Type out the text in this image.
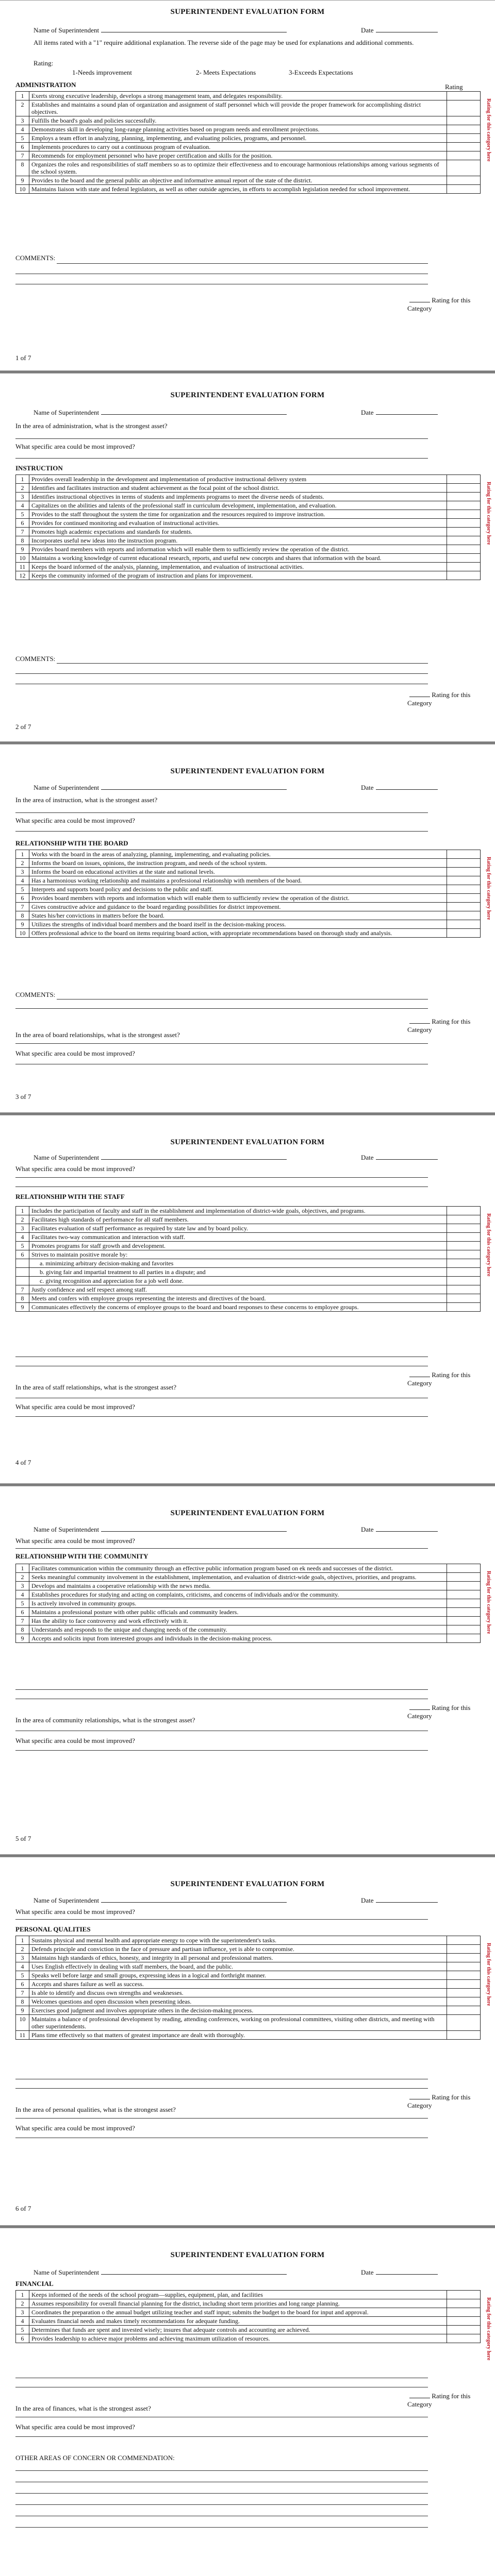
SUPERINTENDENT EVALUATION FORM
Name of Superintendent	Date
All items rated with a "1" require additional explanation. The reverse side of the page may be used for explanations and additional comments.
Rating:
1-Needs improvement	2- Meets Expectations	3-Exceeds Expectations
ADMINISTRATION	Rating
1	Exerts strong executive leadership, develops a strong management team, and delegates responsibility.	
2	Establishes and maintains a sound plan of organization and assignment of staff personnel which will provide the proper framework for accomplishing district objectives.	
3	Fulfills the board's goals and policies successfully.	
4	Demonstrates skill in developing long-range planning activities based on program needs and enrollment projections.	
5	Employs a team effort in analyzing, planning, implementing, and evaluating policies, programs, and personnel.	
6	Implements procedures to carry out a continuous program of evaluation.	
7	Recommends for employment personnel who have proper certification and skills for the position.	
8	Organizes the roles and responsibilities of staff members so as to optimize their effectiveness and to encourage harmonious relationships among various segments of the school system.	
9	Provides to the board and the general public an objective and informative annual report of the state of the district.	
10	Maintains liaison with state and federal legislators, as well as other outside agencies, in efforts to accomplish legislation needed for school improvement.	
Rating for this category here
COMMENTS:
Rating for this Category
1 of 7
SUPERINTENDENT EVALUATION FORM
Name of Superintendent	Date
In the area of administration, what is the strongest asset?
What specific area could be most improved?
INSTRUCTION
1	Provides overall leadership in the development and implementation of productive instructional delivery system	
2	Identifies and facilitates instruction and student achievement as the focal point of the school district.	
3	Identifies instructional objectives in terms of students and implements programs to meet the diverse needs of students.	
4	Capitalizes on the abilities and talents of the professional staff in curriculum development, implementation, and evaluation.	
5	Provides to the staff throughout the system the time for organization and the resources required to improve instruction.	
6	Provides for continued monitoring and evaluation of instructional activities.	
7	Promotes high academic expectations and standards for students.	
8	Incorporates useful new ideas into the instruction program.	
9	Provides board members with reports and information which will enable them to sufficiently review the operation of the district.	
10	Maintains a working knowledge of current educational research, reports, and useful new concepts and shares that information with the board.	
11	Keeps the board informed of the analysis, planning, implementation, and evaluation of instructional activities.	
12	Keeps the community informed of the program of instruction and plans for improvement.	
Rating for this category here
COMMENTS:
Rating for this Category
2 of 7
SUPERINTENDENT EVALUATION FORM
Name of Superintendent	Date
In the area of instruction, what is the strongest asset?
What specific area could be most improved?
RELATIONSHIP WITH THE BOARD
1	Works with the board in the areas of analyzing, planning, implementing, and evaluating policies.	
2	Informs the board on issues, opinions, the instruction program, and needs of the school system.	
3	Informs the board on educational activities at the state and national levels.	
4	Has a harmonious working relationship and maintains a professional relationship with members of the board.	
5	Interprets and supports board policy and decisions to the public and staff.	
6	Provides board members with reports and information which will enable them to sufficiently review the operation of the district.	
7	Gives constructive advice and guidance to the board regarding possibilities for district improvement.	
8	States his/her convictions in matters before the board.	
9	Utilizes the strengths of individual board members and the board itself in the decision-making process.	
10	Offers professional advice to the board on items requiring board action, with appropriate recommendations based on thorough study and analysis.	
Rating for this category here
COMMENTS:
Rating for this Category
In the area of board relationships, what is the strongest asset?
What specific area could be most improved?
3 of 7
SUPERINTENDENT EVALUATION FORM
Name of Superintendent	Date
What specific area could be most improved?
RELATIONSHIP WITH THE STAFF
1	Includes the participation of faculty and staff in the establishment and implementation of district-wide goals, objectives, and programs.	
2	Facilitates high standards of performance for all staff members.	
3	Facilitates evaluation of staff performance as required by state law and by board policy.	
4	Facilitates two-way communication and interaction with staff.	
5	Promotes programs for staff growth and development.	
6	Strives to maintain positive morale by:	
	a. minimizing arbitrary decision-making and favorites	
	b. giving fair and impartial treatment to all parties in a dispute; and	
	c. giving recognition and appreciation for a job well done.	
7	Justly confidence and self respect among staff.	
8	Meets and confers with employee groups representing the interests and directives of the board.	
9	Communicates effectively the concerns of employee groups to the board and board responses to these concerns to employee groups.	
Rating for this category here
Rating for this Category
In the area of staff relationships, what is the strongest asset?
What specific area could be most improved?
4 of 7
SUPERINTENDENT EVALUATION FORM
Name of Superintendent	Date
What specific area could be most improved?
RELATIONSHIP WITH THE COMMUNITY
1	Facilitates communication within the community through an effective public information program based on ek needs and successes of the district.	
2	Seeks meaningful community involvement in the establishment, implementation, and evaluation of district-wide goals, objectives, priorities, and programs.	
3	Develops and maintains a cooperative relationship with the news media.	
4	Establishes procedures for studying and acting on complaints, criticisms, and concerns of individuals and/or the community.	
5	Is actively involved in community groups.	
6	Maintains a professional posture with other public officials and community leaders.	
7	Has the ability to face controversy and work effectively with it.	
8	Understands and responds to the unique and changing needs of the community.	
9	Accepts and solicits input from interested groups and individuals in the decision-making process.	
Rating for this category here
Rating for this Category
In the area of community relationships, what is the strongest asset?
What specific area could be most improved?
5 of 7
SUPERINTENDENT EVALUATION FORM
Name of Superintendent	Date
What specific area could be most improved?
PERSONAL QUALITIES
1	Sustains physical and mental health and appropriate energy to cope with the superintendent's tasks.	
2	Defends principle and conviction in the face of pressure and partisan influence, yet is able to compromise.	
3	Maintains high standards of ethics, honesty, and integrity in all personal and professional matters.	
4	Uses English effectively in dealing with staff members, the board, and the public.	
5	Speaks well before large and small groups, expressing ideas in a logical and forthright manner.	
6	Accepts and shares failure as well as success.	
7	Is able to identify and discuss own strengths and weaknesses.	
8	Welcomes questions and open discussion when presenting ideas.	
9	Exercises good judgment and involves appropriate others in the decision-making process.	
10	Maintains a balance of professional development by reading, attending conferences, working on professional committees, visiting other districts, and meeting with other superintendents.	
11	Plans time effectively so that matters of greatest importance are dealt with thoroughly.	
Rating for this category here
Rating for this Category
In the area of personal qualities, what is the strongest asset?
What specific area could be most improved?
6 of 7
SUPERINTENDENT EVALUATION FORM
Name of Superintendent	Date
FINANCIAL
1	Keeps informed of the needs of the school program—supplies, equipment, plan, and facilities	
2	Assumes responsibility for overall financial planning for the district, including short term priorities and long range planning.	
3	Coordinates the preparation o the annual budget utilizing teacher and staff input; submits the budget to the board for input and approval.	
4	Evaluates financial needs and makes timely recommendations for adequate funding.	
5	Determines that funds are spent and invested wisely; insures that adequate controls and accounting are achieved.	
6	Provides leadership to achieve major problems and achieving maximum utilization of resources.		Rating for this category here
Rating for this Category
In the area of finances, what is the strongest asset?
What specific area could be most improved?
OTHER AREAS OF CONCERN OR COMMENDATION:
